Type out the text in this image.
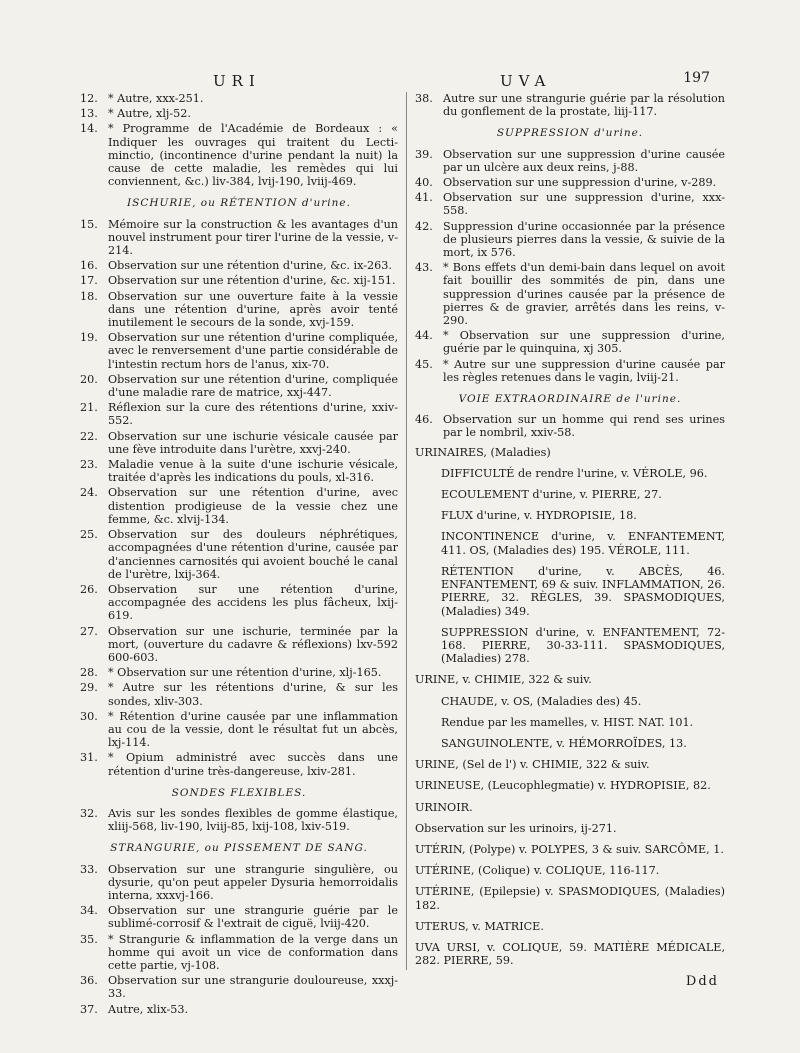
URI	UVA	197
12. * Autre, xxx-251.
13. * Autre, xlj-52.
14. * Programme de l'Académie de Bordeaux : « Indiquer les ouvrages qui traitent du Lecti-minctio, (incontinence d'urine pendant la nuit) la cause de cette maladie, les remèdes qui lui conviennent, &c.) liv-384, lvij-190, lviij-469.
ISCHURIE, ou RÉTENTION d'urine.
15. Mémoire sur la construction & les avantages d'un nouvel instrument pour tirer l'urine de la vessie, v-214.
16. Observation sur une rétention d'urine, &c. ix-263.
17. Observation sur une rétention d'urine, &c. xij-151.
18. Observation sur une ouverture faite à la vessie dans une rétention d'urine, après avoir tenté inutilement le secours de la sonde, xvj-159.
19. Observation sur une rétention d'urine compliquée, avec le renversement d'une partie considérable de l'intestin rectum hors de l'anus, xix-70.
20. Observation sur une rétention d'urine, compliquée d'une maladie rare de matrice, xxj-447.
21. Réflexion sur la cure des rétentions d'urine, xxiv-552.
22. Observation sur une ischurie vésicale causée par une fève introduite dans l'urètre, xxvj-240.
23. Maladie venue à la suite d'une ischurie vésicale, traitée d'après les indications du pouls, xl-316.
24. Observation sur une rétention d'urine, avec distention prodigieuse de la vessie chez une femme, &c. xlvij-134.
25. Observation sur des douleurs néphrétiques, accompagnées d'une rétention d'urine, causée par d'anciennes carnosités qui avoient bouché le canal de l'urètre, lxij-364.
26. Observation sur une rétention d'urine, accompagnée des accidens les plus fâcheux, lxij-619.
27. Observation sur une ischurie, terminée par la mort, (ouverture du cadavre & réflexions) lxv-592 600-603.
28. * Observation sur une rétention d'urine, xlj-165.
29. * Autre sur les rétentions d'urine, & sur les sondes, xliv-303.
30. * Rétention d'urine causée par une inflammation au cou de la vessie, dont le résultat fut un abcès, lxj-114.
31. * Opium administré avec succès dans une rétention d'urine très-dangereuse, lxiv-281.
SONDES FLEXIBLES.
32. Avis sur les sondes flexibles de gomme élastique, xliij-568, liv-190, lviij-85, lxij-108, lxiv-519.
STRANGURIE, ou PISSEMENT DE SANG.
33. Observation sur une strangurie singulière, ou dysurie, qu'on peut appeler Dysuria hemorroidalis interna, xxxvj-166.
34. Observation sur une strangurie guérie par le sublimé-corrosif & l'extrait de ciguë, lviij-420.
35. * Strangurie & inflammation de la verge dans un homme qui avoit un vice de conformation dans cette partie, vj-108.
36. Observation sur une strangurie douloureuse, xxxj-33.
37. Autre, xlix-53.
38. Autre sur une strangurie guérie par la résolution du gonflement de la prostate, liij-117.
SUPPRESSION d'urine.
39. Observation sur une suppression d'urine causée par un ulcère aux deux reins, j-88.
40. Observation sur une suppression d'urine, v-289.
41. Observation sur une suppression d'urine, xxx-558.
42. Suppression d'urine occasionnée par la présence de plusieurs pierres dans la vessie, & suivie de la mort, ix 576.
43. * Bons effets d'un demi-bain dans lequel on avoit fait bouillir des sommités de pin, dans une suppression d'urines causée par la présence de pierres & de gravier, arrêtés dans les reins, v-290.
44. * Observation sur une suppression d'urine, guérie par le quinquina, xj 305.
45. * Autre sur une suppression d'urine causée par les règles retenues dans le vagin, lviij-21.
VOIE EXTRAORDINAIRE de l'urine.
46. Observation sur un homme qui rend ses urines par le nombril, xxiv-58.
URINAIRES, (Maladies)
DIFFICULTÉ de rendre l'urine, v. VÉROLE, 96.
ECOULEMENT d'urine, v. PIERRE, 27.
FLUX d'urine, v. HYDROPISIE, 18.
INCONTINENCE d'urine, v. ENFANTEMENT, 411. OS, (Maladies des) 195. VÉROLE, 111.
RÉTENTION d'urine, v. ABCÈS, 46. ENFANTEMENT, 69 & suiv. INFLAMMATION, 26. PIERRE, 32. RÈGLES, 39. SPASMODIQUES, (Maladies) 349.
SUPPRESSION d'urine, v. ENFANTEMENT, 72-168. PIERRE, 30-33-111. SPASMODIQUES, (Maladies) 278.
URINE, v. CHIMIE, 322 & suiv.
CHAUDE, v. OS, (Maladies des) 45.
Rendue par les mamelles, v. HIST. NAT. 101.
SANGUINOLENTE, v. HÉMORROÏDES, 13.
URINE, (Sel de l') v. CHIMIE, 322 & suiv.
URINEUSE, (Leucophlegmatie) v. HYDROPISIE, 82.
URINOIR.
Observation sur les urinoirs, ij-271.
UTÉRIN, (Polype) v. POLYPES, 3 & suiv. SARCÔME, 1.
UTÉRINE, (Colique) v. COLIQUE, 116-117.
UTÉRINE, (Epilepsie) v. SPASMODIQUES, (Maladies) 182.
UTERUS, v. MATRICE.
UVA URSI, v. COLIQUE, 59. MATIÈRE MÉDICALE, 282. PIERRE, 59.
Ddd
